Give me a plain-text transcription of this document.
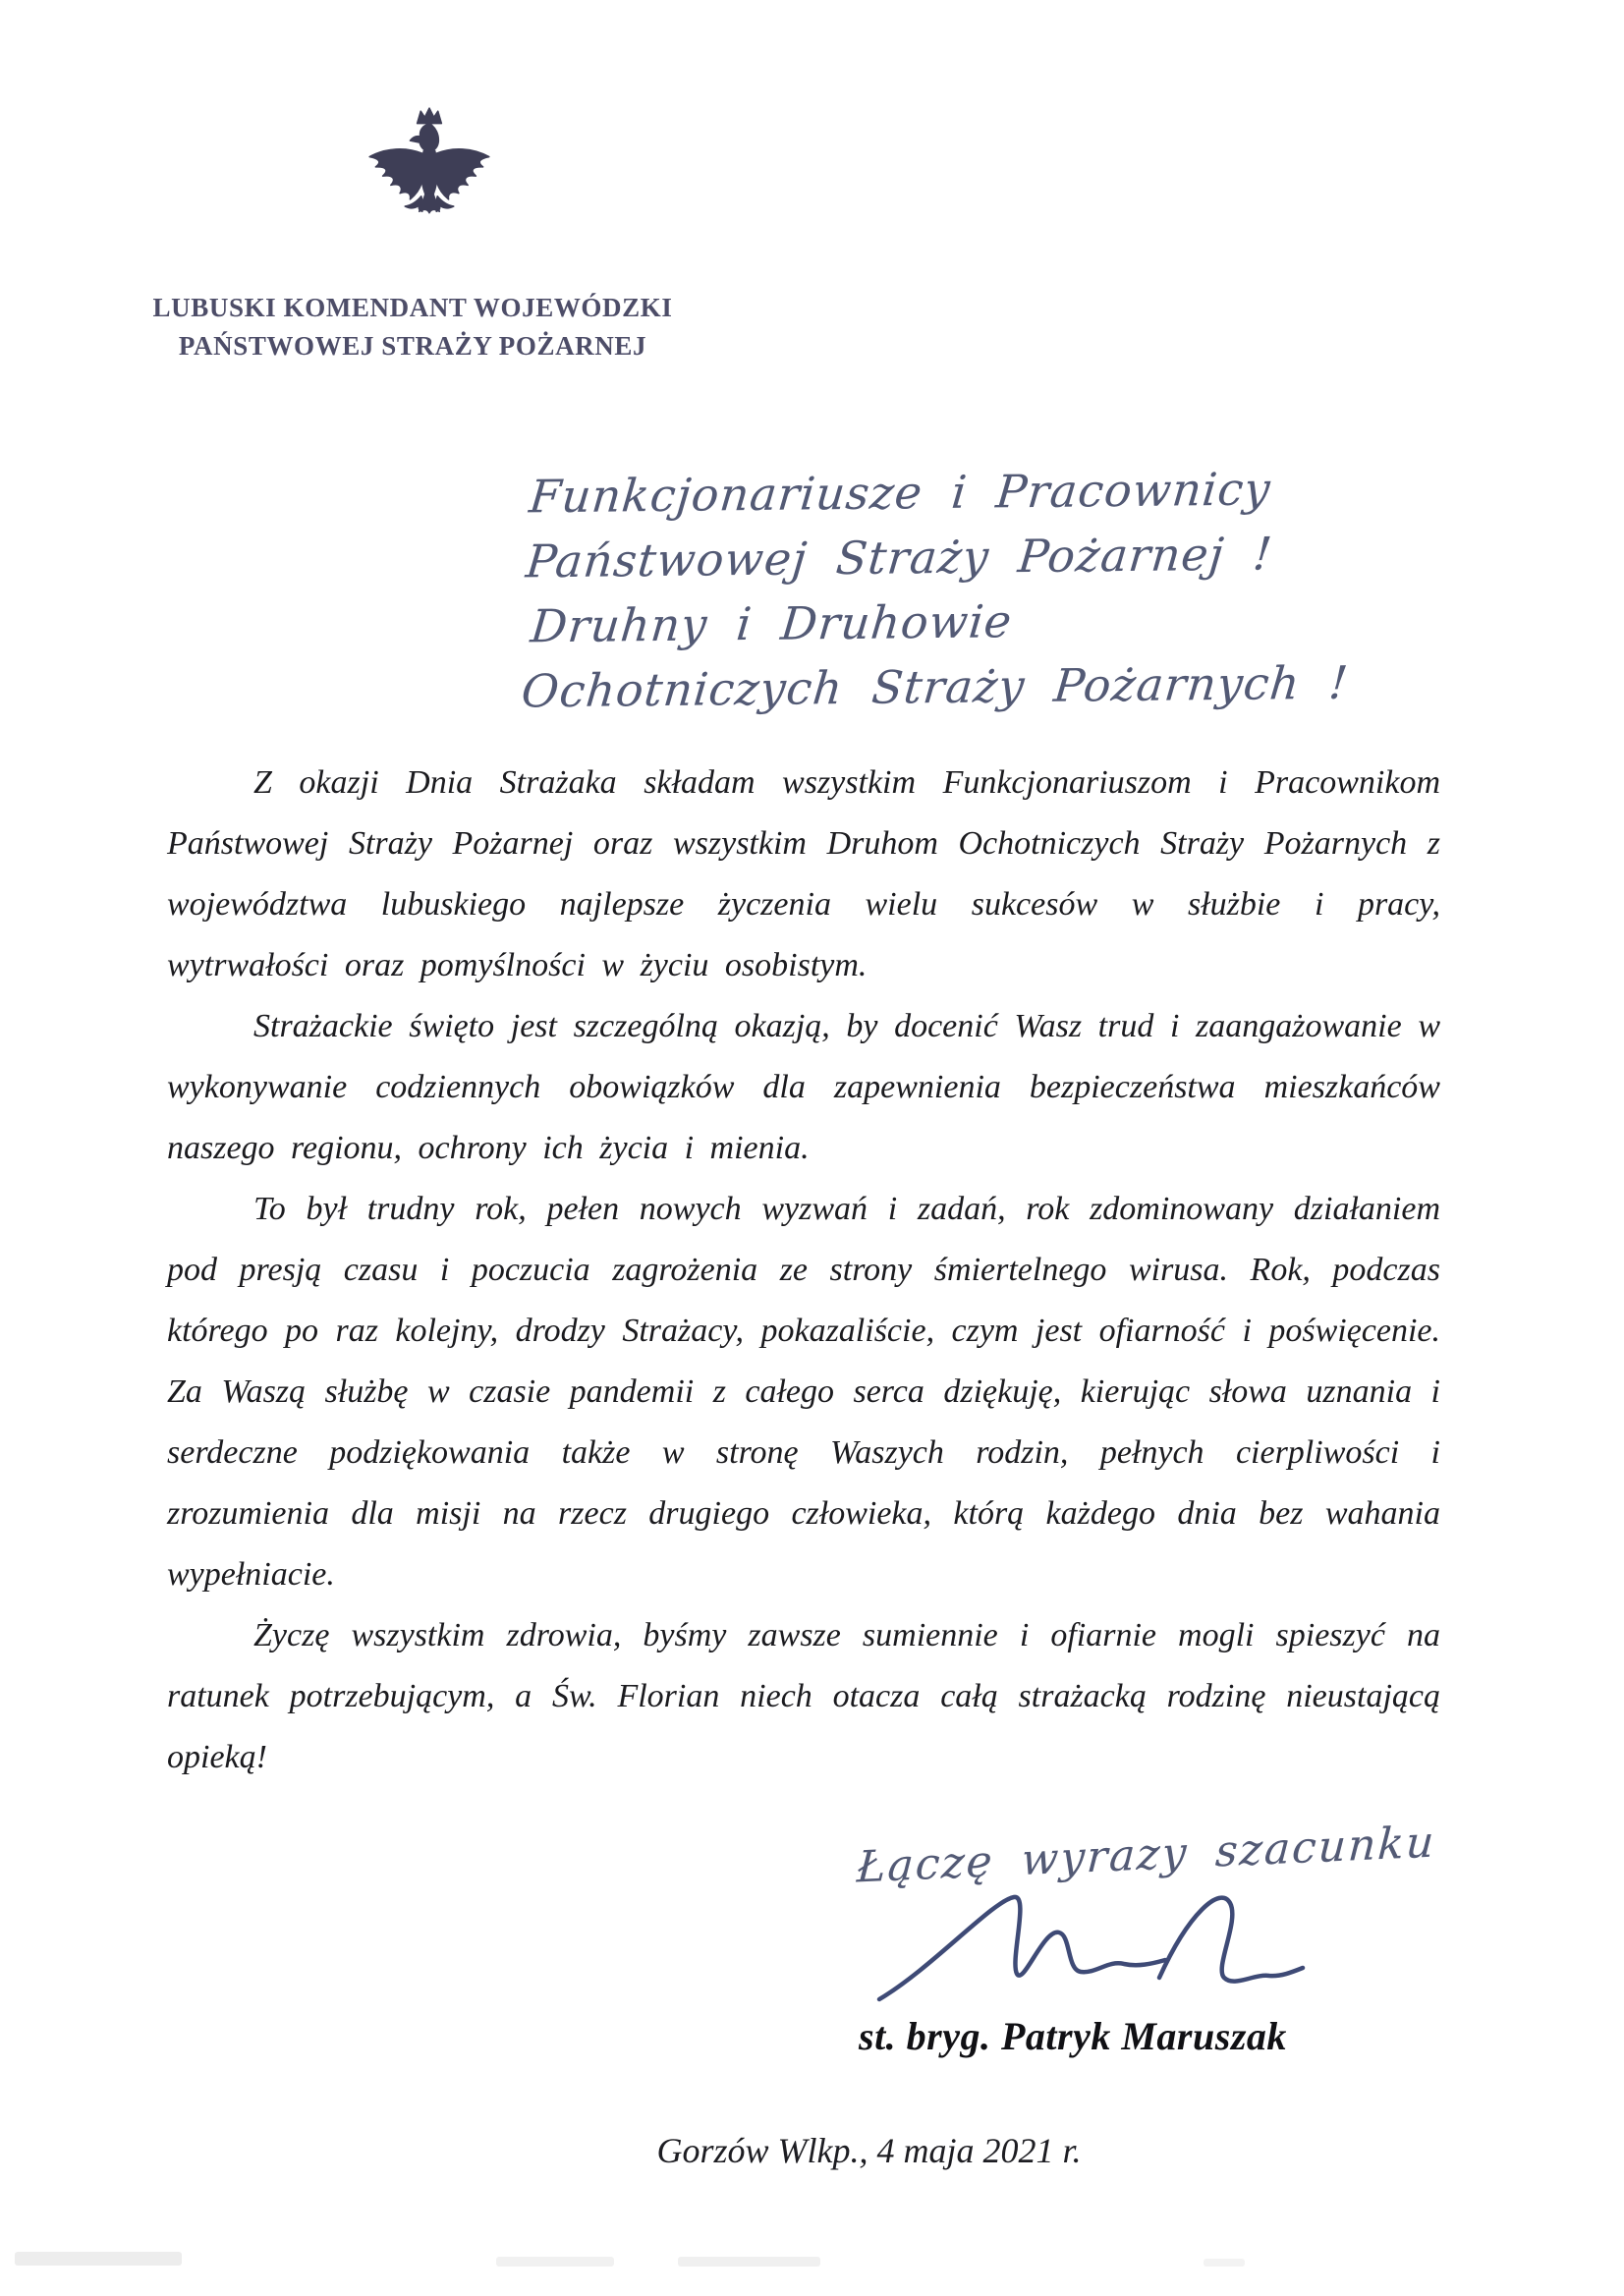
LUBUSKI KOMENDANT WOJEWÓDZKI
PAŃSTWOWEJ STRAŻY POŻARNEJ
Funkcjonariusze i Pracownicy
Państwowej Straży Pożarnej !
Druhny i Druhowie
Ochotniczych Straży Pożarnych !

Z okazji Dnia Strażaka składam wszystkim Funkcjonariuszom i Pracownikom Państwowej Straży Pożarnej oraz wszystkim Druhom Ochotniczych Straży Pożarnych z województwa lubuskiego najlepsze życzenia wielu sukcesów w służbie i pracy, wytrwałości oraz pomyślności w życiu osobistym.

Strażackie święto jest szczególną okazją, by docenić Wasz trud i zaangażowanie w wykonywanie codziennych obowiązków dla zapewnienia bezpieczeństwa mieszkańców naszego regionu, ochrony ich życia i mienia.

To był trudny rok, pełen nowych wyzwań i zadań, rok zdominowany działaniem pod presją czasu i poczucia zagrożenia ze strony śmiertelnego wirusa. Rok, podczas którego po raz kolejny, drodzy Strażacy, pokazaliście, czym jest ofiarność i poświęcenie. Za Waszą służbę w czasie pandemii z całego serca dziękuję, kierując słowa uznania i serdeczne podziękowania także w stronę Waszych rodzin, pełnych cierpliwości i zrozumienia dla misji na rzecz drugiego człowieka, którą każdego dnia bez wahania wypełniacie.

Życzę wszystkim zdrowia, byśmy zawsze sumiennie i ofiarnie mogli spieszyć na ratunek potrzebującym, a Św. Florian niech otacza całą strażacką rodzinę nieustającą opieką!

Łączę wyrazy szacunku
st. bryg. Patryk Maruszak
Gorzów Wlkp., 4 maja 2021 r.
